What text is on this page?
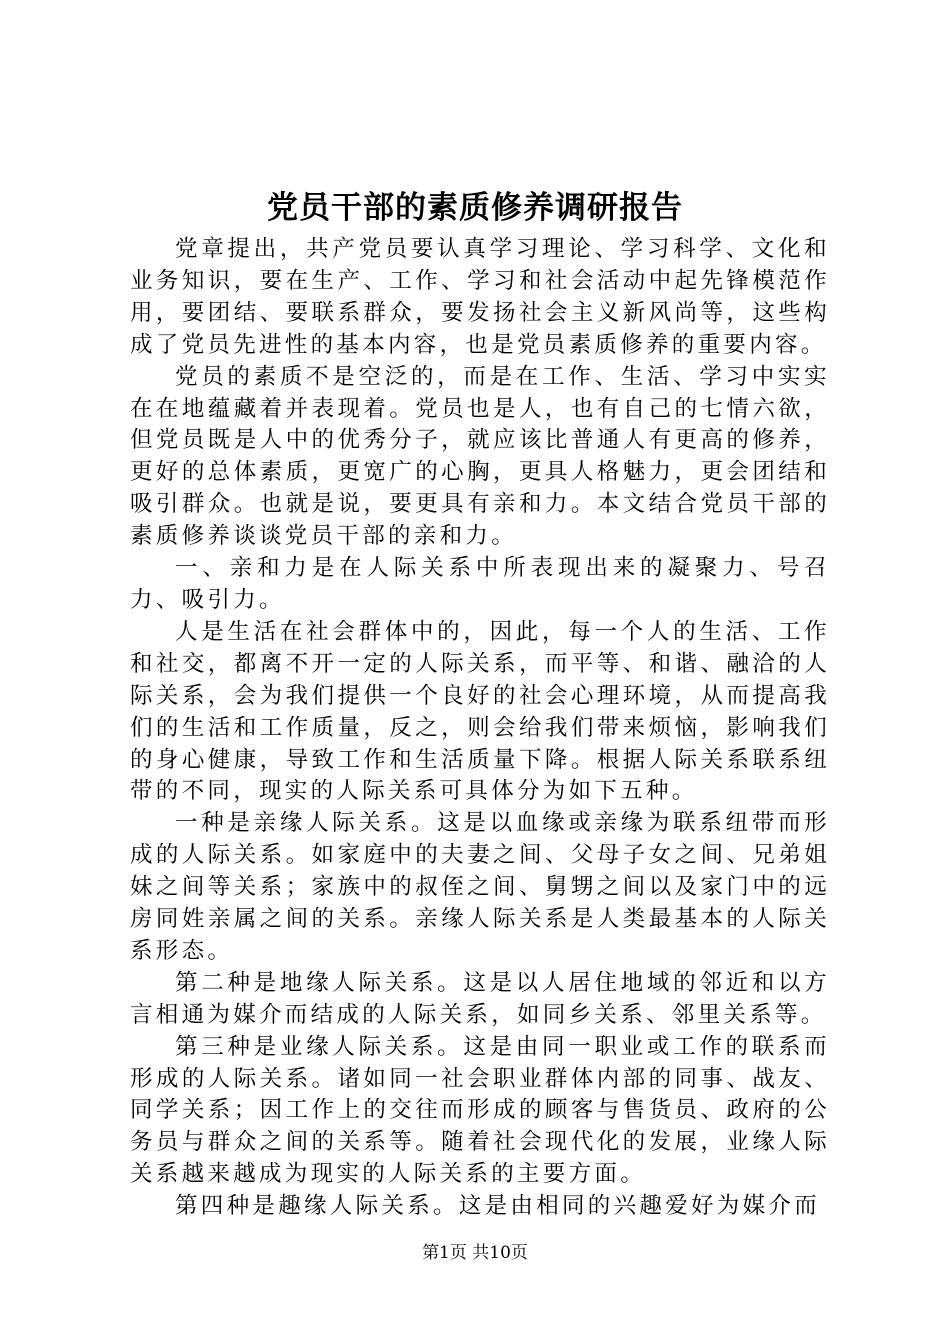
党员干部的素质修养调研报告

党章提出，共产党员要认真学习理论、学习科学、文化和业务知识，要在生产、工作、学习和社会活动中起先锋模范作用，要团结、要联系群众，要发扬社会主义新风尚等，这些构成了党员先进性的基本内容，也是党员素质修养的重要内容。

党员的素质不是空泛的，而是在工作、生活、学习中实实在在地蕴藏着并表现着。党员也是人，也有自己的七情六欲，但党员既是人中的优秀分子，就应该比普通人有更高的修养，更好的总体素质，更宽广的心胸，更具人格魅力，更会团结和吸引群众。也就是说，要更具有亲和力。本文结合党员干部的素质修养谈谈党员干部的亲和力。

一、亲和力是在人际关系中所表现出来的凝聚力、号召力、吸引力。

人是生活在社会群体中的，因此，每一个人的生活、工作和社交，都离不开一定的人际关系，而平等、和谐、融洽的人际关系，会为我们提供一个良好的社会心理环境，从而提高我们的生活和工作质量，反之，则会给我们带来烦恼，影响我们的身心健康，导致工作和生活质量下降。根据人际关系联系纽带的不同，现实的人际关系可具体分为如下五种。

一种是亲缘人际关系。这是以血缘或亲缘为联系纽带而形成的人际关系。如家庭中的夫妻之间、父母子女之间、兄弟姐妹之间等关系；家族中的叔侄之间、舅甥之间以及家门中的远房同姓亲属之间的关系。亲缘人际关系是人类最基本的人际关系形态。

第二种是地缘人际关系。这是以人居住地域的邻近和以方言相通为媒介而结成的人际关系，如同乡关系、邻里关系等。

第三种是业缘人际关系。这是由同一职业或工作的联系而形成的人际关系。诸如同一社会职业群体内部的同事、战友、同学关系；因工作上的交往而形成的顾客与售货员、政府的公务员与群众之间的关系等。随着社会现代化的发展，业缘人际关系越来越成为现实的人际关系的主要方面。

第四种是趣缘人际关系。这是由相同的兴趣爱好为媒介而

第1页 共10页
